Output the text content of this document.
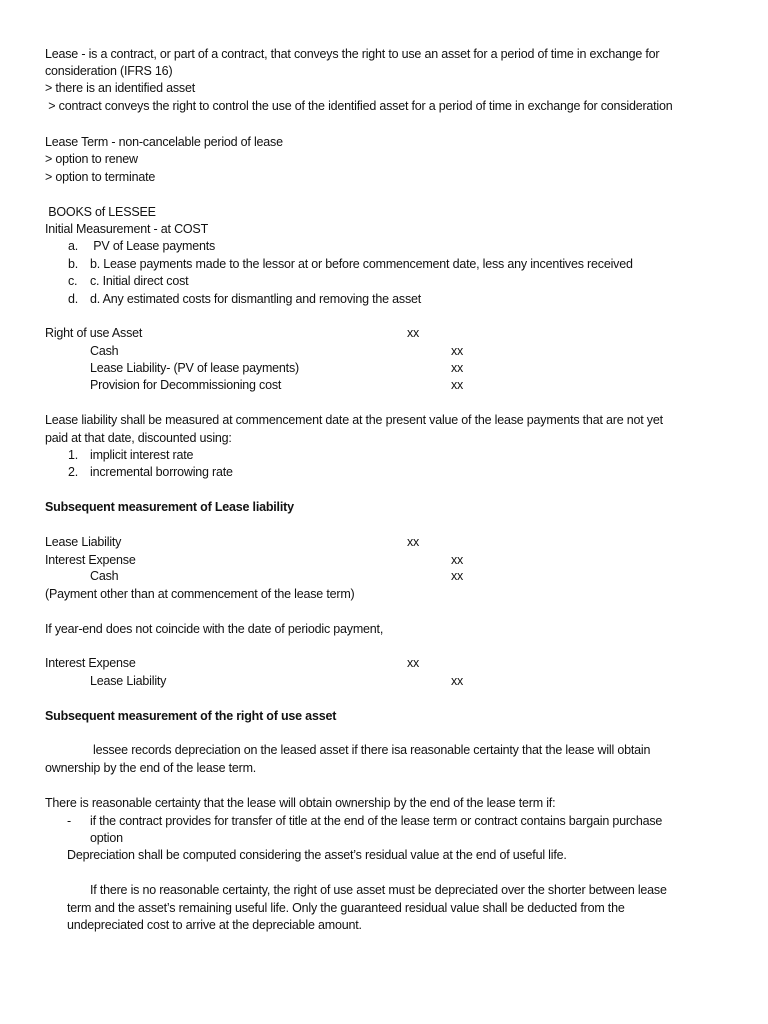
Lease - is a contract, or part of a contract, that conveys the right to use an asset for a period of time in exchange for
consideration (IFRS 16)
> there is an identified asset
> contract conveys the right to control the use of the identified asset for a period of time in exchange for consideration
Lease Term - non-cancelable period of lease
> option to renew
> option to terminate
BOOKS of LESSEE
Initial Measurement - at COST
a. PV of Lease payments
b. b. Lease payments made to the lessor at or before commencement date, less any incentives received
c. c. Initial direct cost
d. d. Any estimated costs for dismantling and removing the asset
Right of use Asset	xx
Cash	xx
Lease Liability- (PV of lease payments)	xx
Provision for Decommissioning cost	xx
Lease liability shall be measured at commencement date at the present value of the lease payments that are not yet
paid at that date, discounted using:
1. implicit interest rate
2. incremental borrowing rate
Subsequent measurement of Lease liability
Lease Liability	xx
Interest Expense	xx
Cash	xx
(Payment other than at commencement of the lease term)
If year-end does not coincide with the date of periodic payment,
Interest Expense	xx
Lease Liability	xx
Subsequent measurement of the right of use asset
lessee records depreciation on the leased asset if there isa reasonable certainty that the lease will obtain
ownership by the end of the lease term.
There is reasonable certainty that the lease will obtain ownership by the end of the lease term if:
- if the contract provides for transfer of title at the end of the lease term or contract contains bargain purchase
option
Depreciation shall be computed considering the asset’s residual value at the end of useful life.
If there is no reasonable certainty, the right of use asset must be depreciated over the shorter between lease
term and the asset’s remaining useful life. Only the guaranteed residual value shall be deducted from the
undepreciated cost to arrive at the depreciable amount.
